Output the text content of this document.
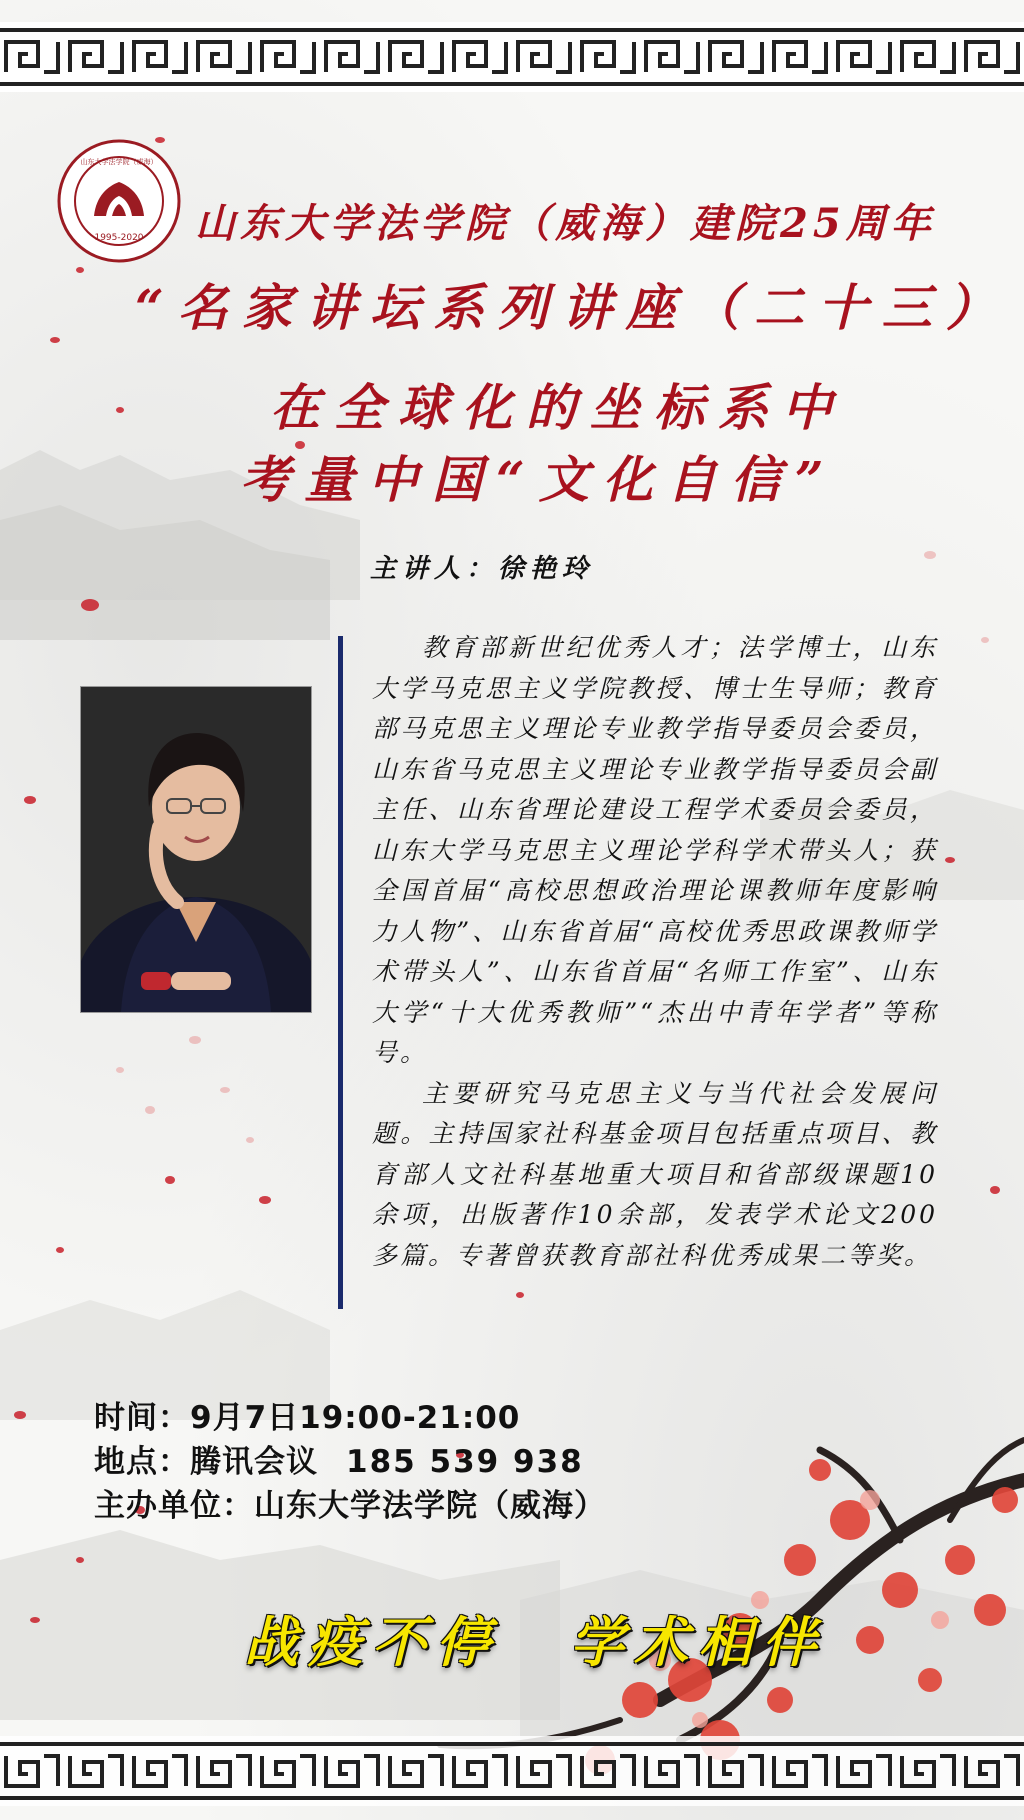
1995-2020
山东大学法学院（威海）
山东大学法学院（威海）建院25周年
“名家讲坛系列讲座（二十三）
在全球化的坐标系中
考量中国“文化自信”
主讲人：徐艳玲

教育部新世纪优秀人才；法学博士，山东大学马克思主义学院教授、博士生导师；教育部马克思主义理论专业教学指导委员会委员，山东省马克思主义理论专业教学指导委员会副主任、山东省理论建设工程学术委员会委员，山东大学马克思主义理论学科学术带头人；获全国首届“高校思想政治理论课教师年度影响力人物”、山东省首届“高校优秀思政课教师学术带头人”、山东省首届“名师工作室”、山东大学“十大优秀教师”“杰出中青年学者”等称号。

主要研究马克思主义与当代社会发展问题。主持国家社科基金项目包括重点项目、教育部人文社科基地重大项目和省部级课题10余项，出版著作10余部，发表学术论文200多篇。专著曾获教育部社科优秀成果二等奖。

时间：9月7日19:00-21:00
地点：腾讯会议 185 539 938
主办单位：山东大学法学院（威海）
战疫不停 学术相伴
